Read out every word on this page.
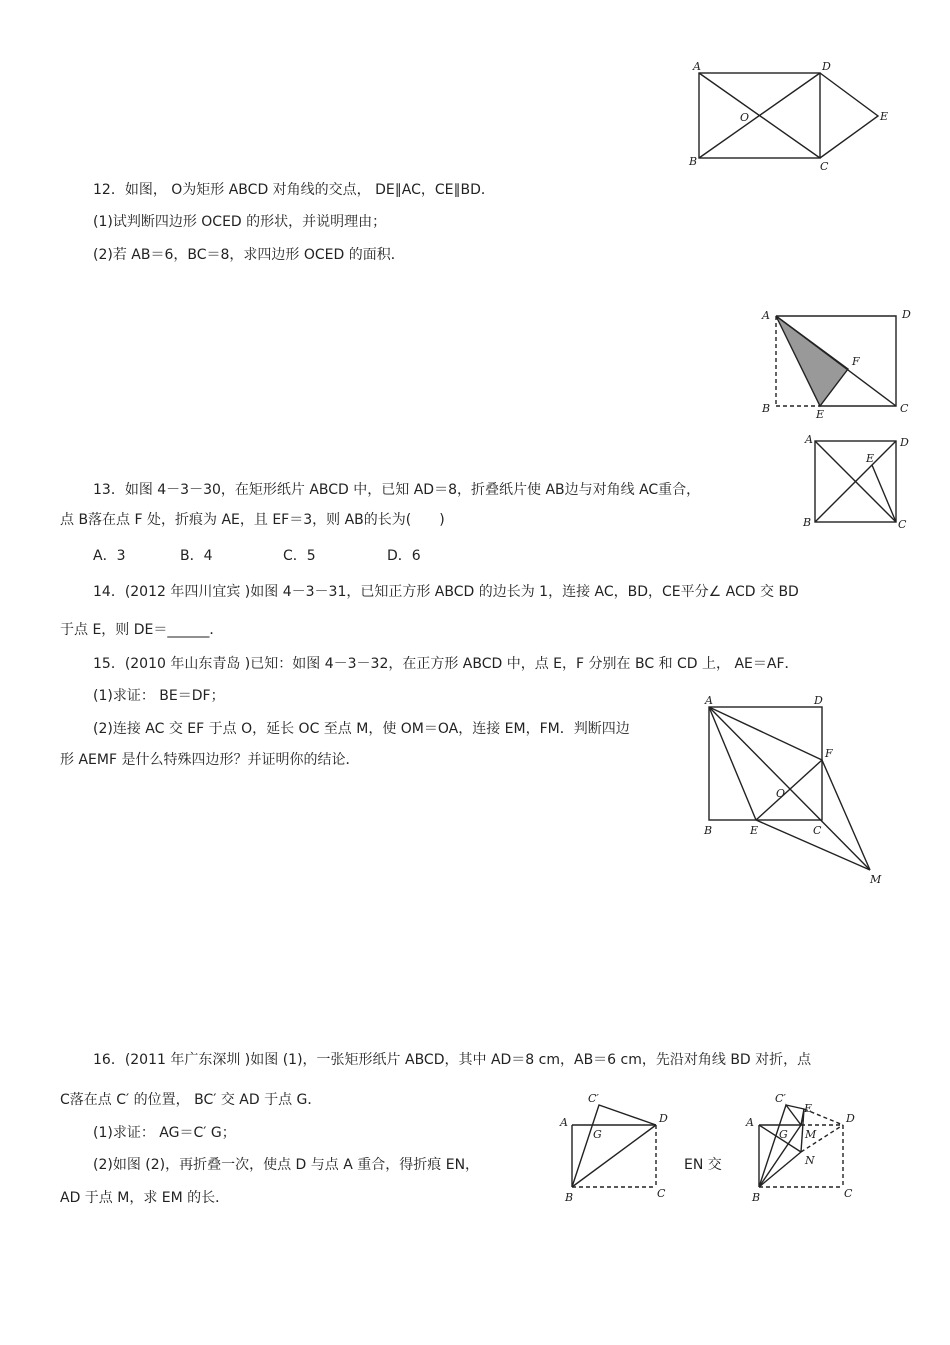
A	D
B	C
E
O
12．如图， O为矩形 ABCD 对角线的交点， DE∥AC，CE∥BD．
(1)试判断四边形 OCED 的形状，并说明理由；
(2)若 AB＝6，BC＝8，求四边形 OCED 的面积．
A	D
B	C
F
E
A	D
B	C
E
13．如图 4－3－30，在矩形纸片 ABCD 中，已知 AD＝8，折叠纸片使 AB边与对角线 AC重合，
点 B落在点 F 处，折痕为 AE，且 EF＝3，则 AB的长为(　　)
A．3	B．4	C．5	D．6
14．(2012 年四川宜宾 )如图 4－3－31，已知正方形 ABCD 的边长为 1，连接 AC，BD，CE平分∠ ACD 交 BD
于点 E，则 DE＝______．
15．(2010 年山东青岛 )已知：如图 4－3－32，在正方形 ABCD 中，点 E，F 分别在 BC 和 CD 上， AE＝AF．
(1)求证： BE＝DF；
(2)连接 AC 交 EF 于点 O，延长 OC 至点 M，使 OM＝OA，连接 EM，FM．判断四边
形 AEMF 是什么特殊四边形？并证明你的结论．
A	D
B	E	C
F
O
M
16．(2011 年广东深圳 )如图 (1)，一张矩形纸片 ABCD，其中 AD＝8 cm，AB＝6 cm，先沿对角线 BD 对折，点
C落在点 C′ 的位置， BC′ 交 AD 于点 G．
(1)求证： AG＝C′ G；
(2)如图 (2)，再折叠一次，使点 D 与点 A 重合，得折痕 EN，	EN 交
AD 于点 M，求 EM 的长．
A	D
B	C
C′
G
A	D
B	C
C′
E
G M
N
